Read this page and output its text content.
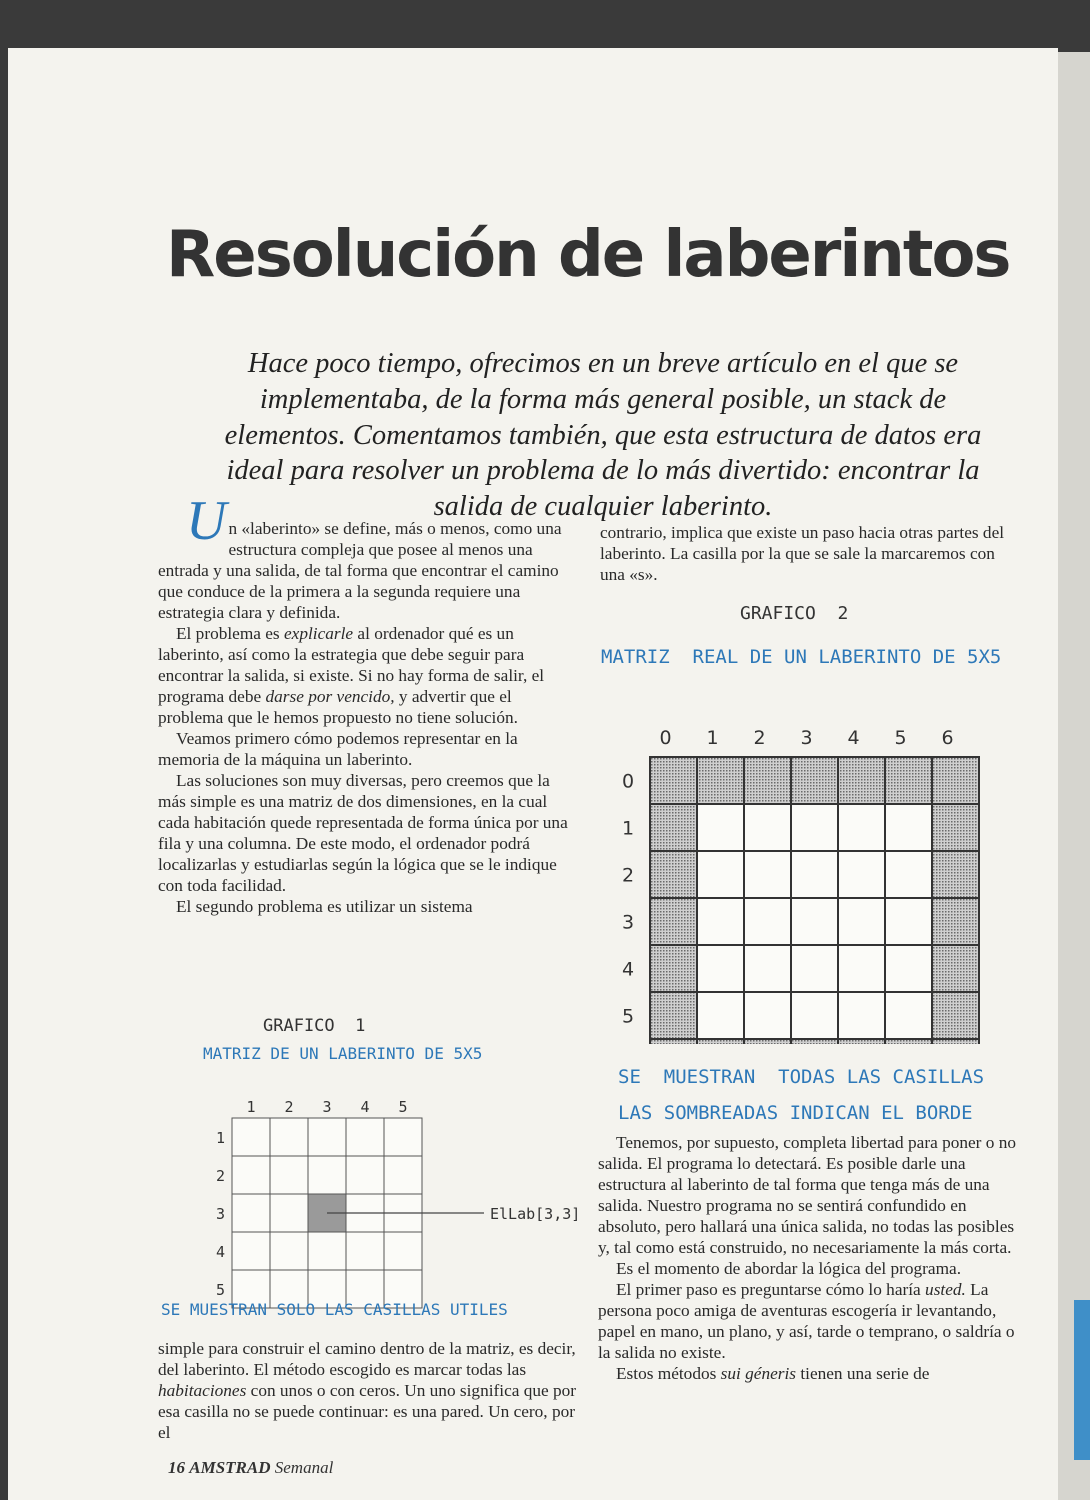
Resolución de laberintos
Hace poco tiempo, ofrecimos en un breve artículo en el que se implementaba, de la forma más general posible, un stack de elementos. Comentamos también, que esta estructura de datos era ideal para resolver un problema de lo más divertido: encontrar la salida de cualquier laberinto.

U n «laberinto» se define, más o menos, como una estructura compleja que posee al menos una entrada y una salida, de tal forma que encontrar el camino que conduce de la primera a la segunda requiere una estrategia clara y definida.

El problema es explicarle al ordenador qué es un laberinto, así como la estrategia que debe seguir para encontrar la salida, si existe. Si no hay forma de salir, el programa debe darse por vencido, y advertir que el problema que le hemos propuesto no tiene solución.

Veamos primero cómo podemos representar en la memoria de la máquina un laberinto.

Las soluciones son muy diversas, pero creemos que la más simple es una matriz de dos dimensiones, en la cual cada habitación quede representada de forma única por una fila y una columna. De este modo, el ordenador podrá localizarlas y estudiarlas según la lógica que se le indique con toda facilidad.

El segundo problema es utilizar un sistema

GRAFICO  1
MATRIZ DE UN LABERINTO DE 5X5
1 2 3 4 5
1
2
3
4
5
ElLab[3,3]
SE MUESTRAN SOLO LAS CASILLAS UTILES

simple para construir el camino dentro de la matriz, es decir, del laberinto. El método escogido es marcar todas las habitaciones con unos o con ceros. Un uno significa que por esa casilla no se puede continuar: es una pared. Un cero, por el

contrario, implica que existe un paso hacia otras partes del laberinto. La casilla por la que se sale la marcaremos con una «s».

GRAFICO  2
MATRIZ  REAL DE UN LABERINTO DE 5X5
0 1 2 3 4 5 6
0
1
2
3
4
5
SE  MUESTRAN  TODAS LAS CASILLAS
LAS SOMBREADAS INDICAN EL BORDE

Tenemos, por supuesto, completa libertad para poner o no salida. El programa lo detectará. Es posible darle una estructura al laberinto de tal forma que tenga más de una salida. Nuestro programa no se sentirá confundido en absoluto, pero hallará una única salida, no todas las posibles y, tal como está construido, no necesariamente la más corta.

Es el momento de abordar la lógica del programa.

El primer paso es preguntarse cómo lo haría usted. La persona poco amiga de aventuras escogería ir levantando, papel en mano, un plano, y así, tarde o temprano, o saldría o la salida no existe.

Estos métodos sui géneris tienen una serie de

16 AMSTRAD Semanal
